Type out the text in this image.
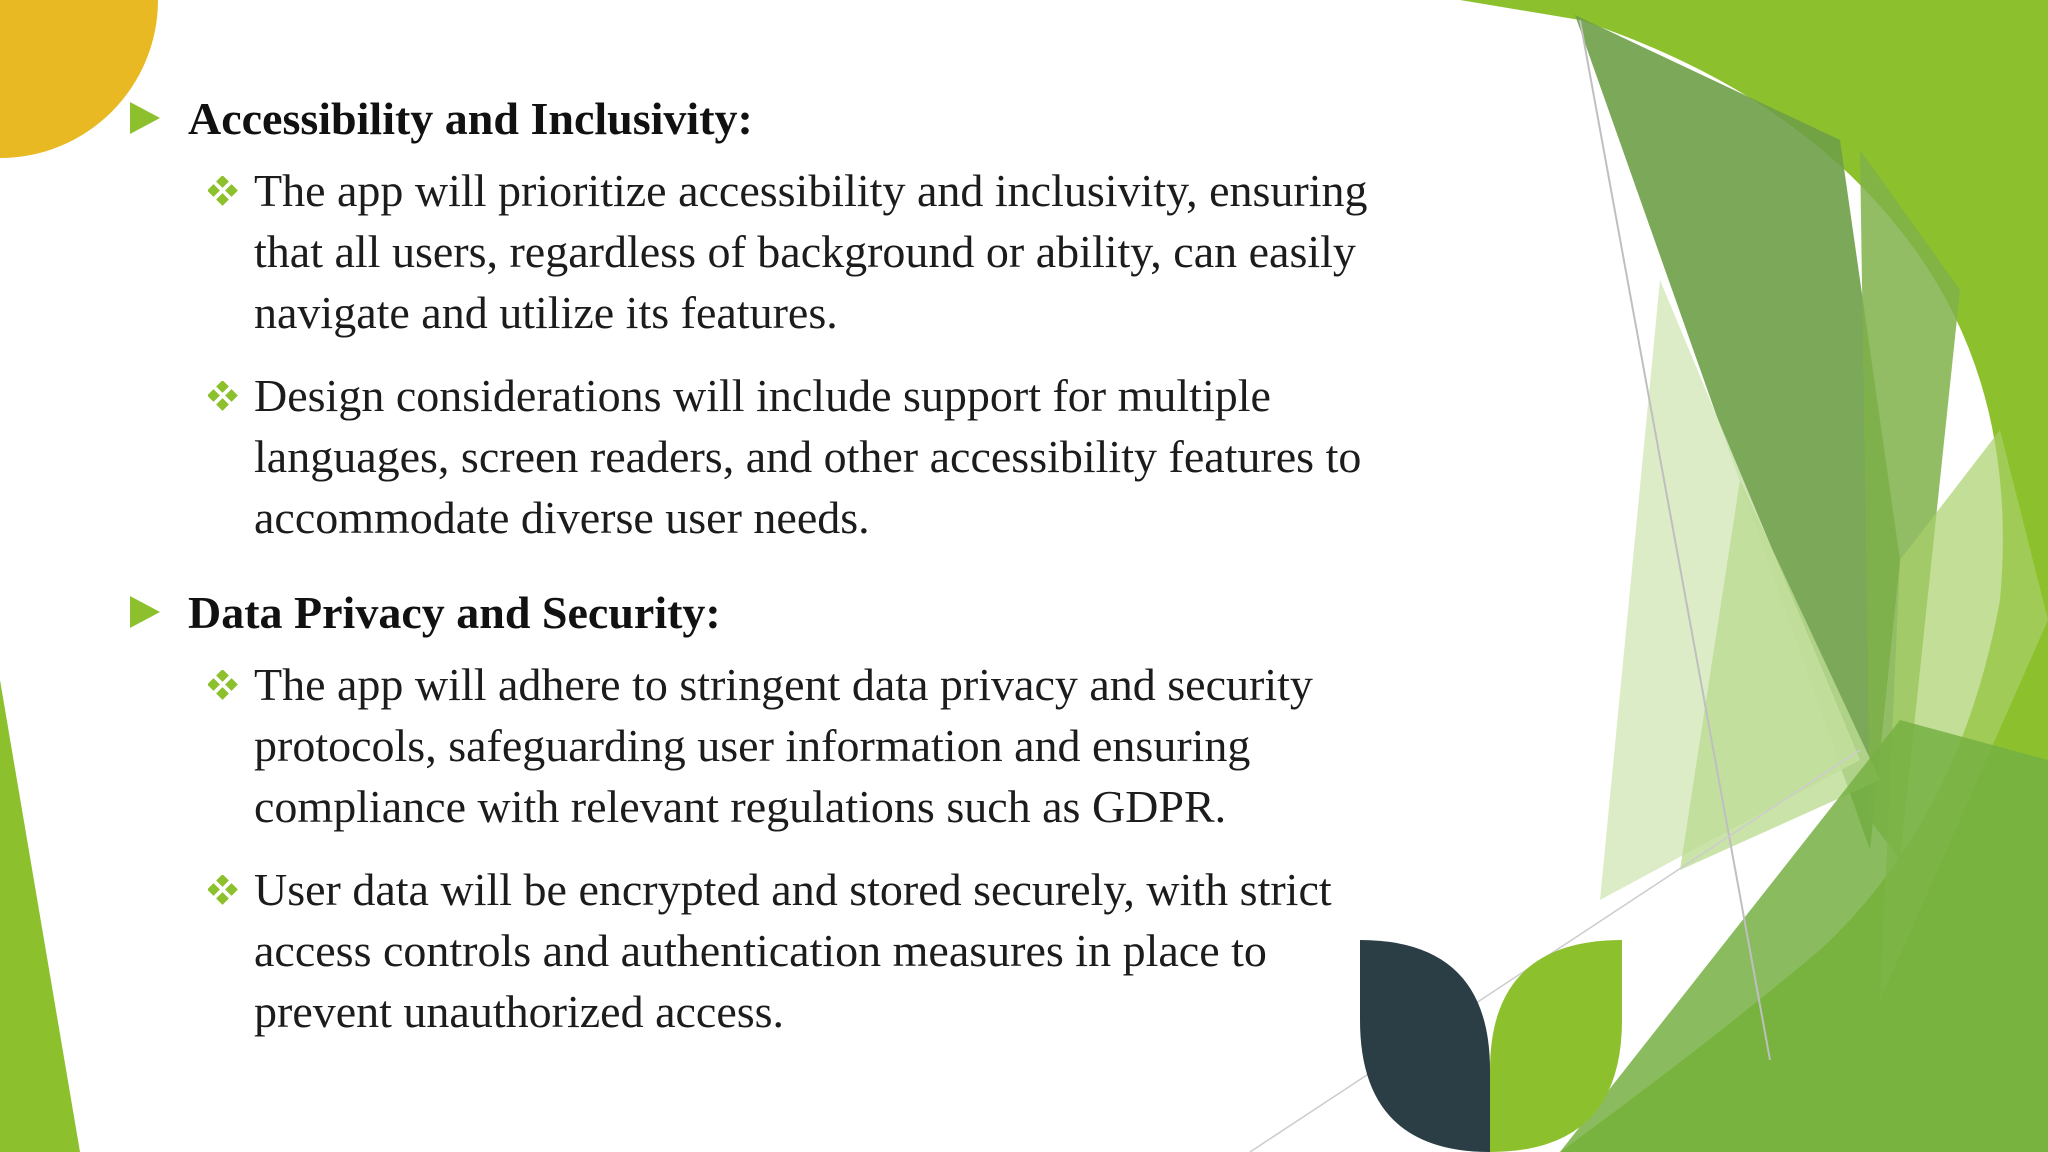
Accessibility and Inclusivity:
The app will prioritize accessibility and inclusivity, ensuring
that all users, regardless of background or ability, can easily
navigate and utilize its features.
Design considerations will include support for multiple
languages, screen readers, and other accessibility features to
accommodate diverse user needs.
Data Privacy and Security:
The app will adhere to stringent data privacy and security
protocols, safeguarding user information and ensuring
compliance with relevant regulations such as GDPR.
User data will be encrypted and stored securely, with strict
access controls and authentication measures in place to
prevent unauthorized access.
